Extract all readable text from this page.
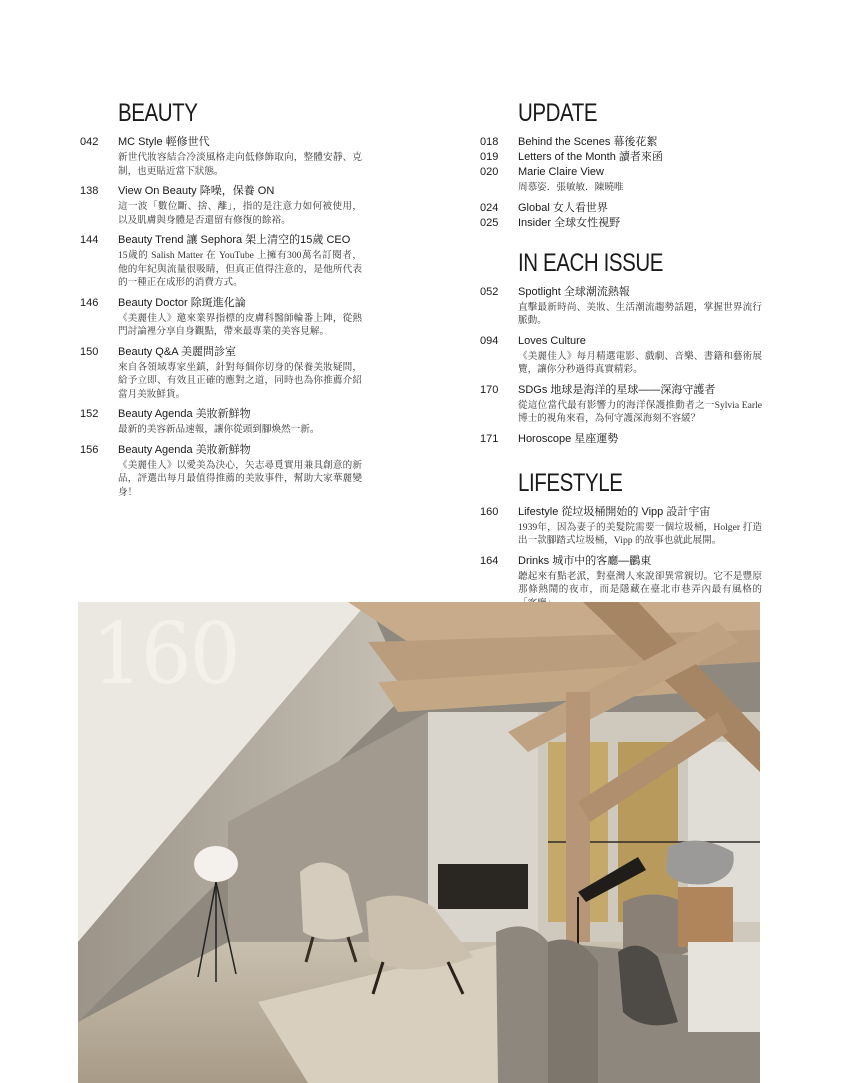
BEAUTY
042	MC Style 輕修世代
新世代妝容結合冷淡風格走向低修飾取向，整體安靜、克制，也更貼近當下狀態。
138	View On Beauty 降噪，保養 ON
這一波「數位斷、捨、離」，指的是注意力如何被使用，以及肌膚與身體是否還留有修復的餘裕。
144	Beauty Trend 讓 Sephora 架上清空的15歲 CEO
15歲的 Salish Matter 在 YouTube 上擁有300萬名訂閱者，他的年紀與流量很吸睛，但真正值得注意的，是他所代表的一種正在成形的消費方式。
146	Beauty Doctor 除斑進化論
《美麗佳人》邀來業界指標的皮膚科醫師輪番上陣，從熱門討論裡分享自身觀點，帶來最專業的美容見解。
150	Beauty Q&A 美麗問診室
來自各領域專家坐鎮，針對每個你切身的保養美妝疑問，給予立即、有效且正確的應對之道，同時也為你推薦介紹當月美妝鮮貨。
152	Beauty Agenda 美妝新鮮物
最新的美容新品速報，讓你從頭到腳煥然一新。
156	Beauty Agenda 美妝新鮮物
《美麗佳人》以愛美為決心，矢志尋覓實用兼具創意的新品，評選出每月最值得推薦的美妝事件，幫助大家華麗變身！
UPDATE
018	Behind the Scenes 幕後花絮
019	Letters of the Month 讀者來函
020	Marie Claire View
周慕姿．張敏敏．陳曉唯
024	Global 女人看世界
025	Insider 全球女性視野
IN EACH ISSUE
052	Spotlight 全球潮流熱報
直擊最新時尚、美妝、生活潮流趨勢話題，掌握世界流行脈動。
094	Loves Culture
《美麗佳人》每月精選電影、戲劇、音樂、書籍和藝術展覽，讓你分秒過得真實精彩。
170	SDGs 地球是海洋的星球——深海守護者
從這位當代最有影響力的海洋保護推動者之一Sylvia Earle博士的視角來看，為何守護深海刻不容緩？
171	Horoscope 星座運勢
LIFESTYLE
160	Lifestyle 從垃圾桶開始的 Vipp 設計宇宙
1939年，因為妻子的美髮院需要一個垃圾桶，Holger 打造出一款腳踏式垃圾桶，Vipp 的故事也就此展開。
164	Drinks 城市中的客廳—鸝東
聽起來有點老派，對臺灣人來說卻異常親切。它不是豐原那條熱鬧的夜市，而是隱藏在臺北市巷弄內最有風格的
160
